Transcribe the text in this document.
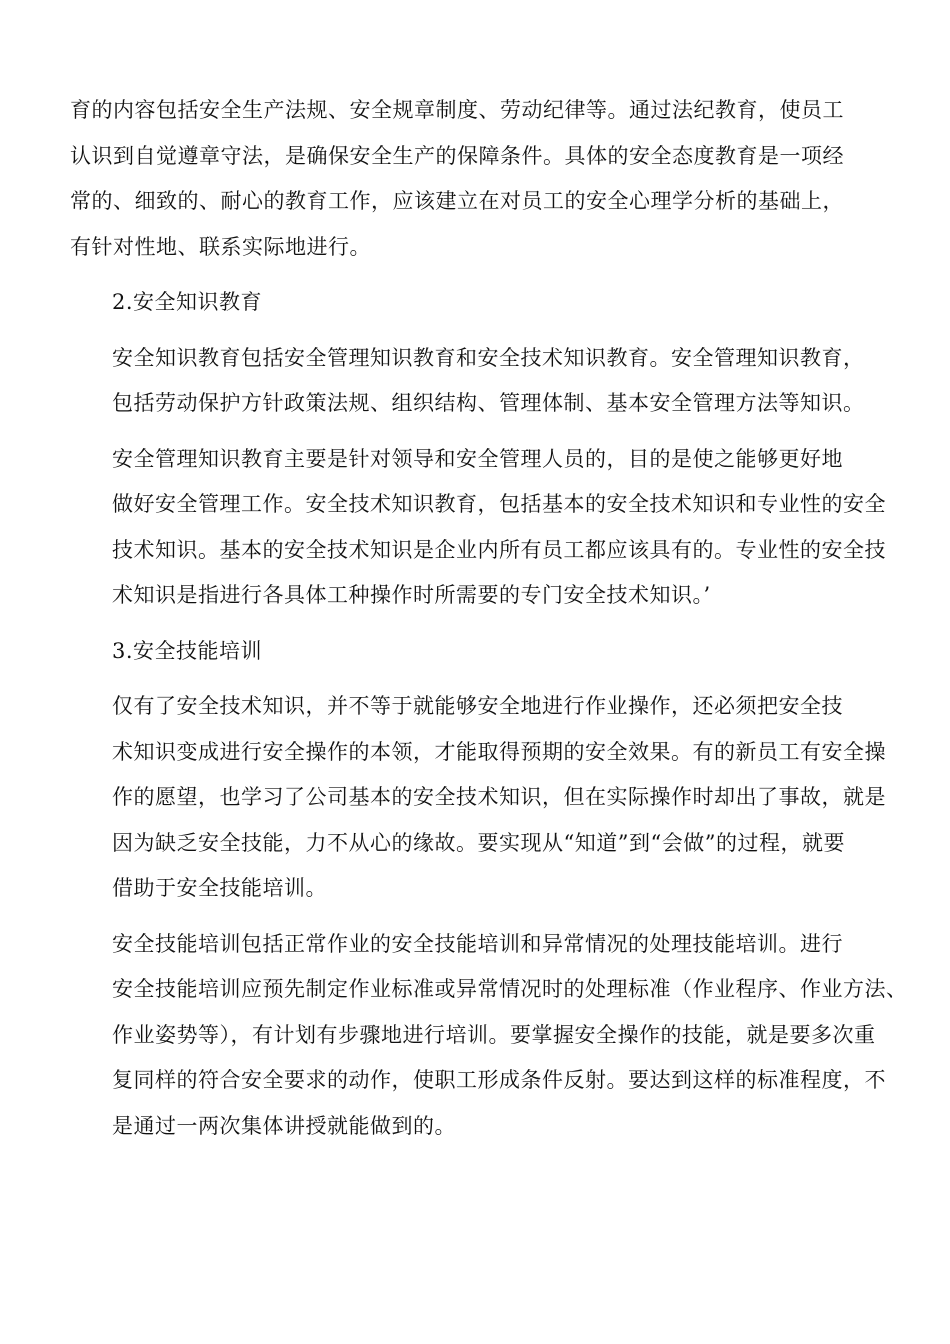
育的内容包括安全生产法规、安全规章制度、劳动纪律等。通过法纪教育，使员工
认识到自觉遵章守法，是确保安全生产的保障条件。具体的安全态度教育是一项经
常的、细致的、耐心的教育工作，应该建立在对员工的安全心理学分析的基础上，
有针对性地、联系实际地进行。

2.安全知识教育

安全知识教育包括安全管理知识教育和安全技术知识教育。安全管理知识教育，
包括劳动保护方针政策法规、组织结构、管理体制、基本安全管理方法等知识。

安全管理知识教育主要是针对领导和安全管理人员的，目的是使之能够更好地
做好安全管理工作。安全技术知识教育，包括基本的安全技术知识和专业性的安全
技术知识。基本的安全技术知识是企业内所有员工都应该具有的。专业性的安全技
术知识是指进行各具体工种操作时所需要的专门安全技术知识。’

3.安全技能培训

仅有了安全技术知识，并不等于就能够安全地进行作业操作，还必须把安全技
术知识变成进行安全操作的本领，才能取得预期的安全效果。有的新员工有安全操
作的愿望，也学习了公司基本的安全技术知识，但在实际操作时却出了事故，就是
因为缺乏安全技能，力不从心的缘故。要实现从“知道”到“会做”的过程，就要
借助于安全技能培训。

安全技能培训包括正常作业的安全技能培训和异常情况的处理技能培训。进行
安全技能培训应预先制定作业标准或异常情况时的处理标准（作业程序、作业方法、
作业姿势等），有计划有步骤地进行培训。要掌握安全操作的技能，就是要多次重
复同样的符合安全要求的动作，使职工形成条件反射。要达到这样的标准程度，不
是通过一两次集体讲授就能做到的。
